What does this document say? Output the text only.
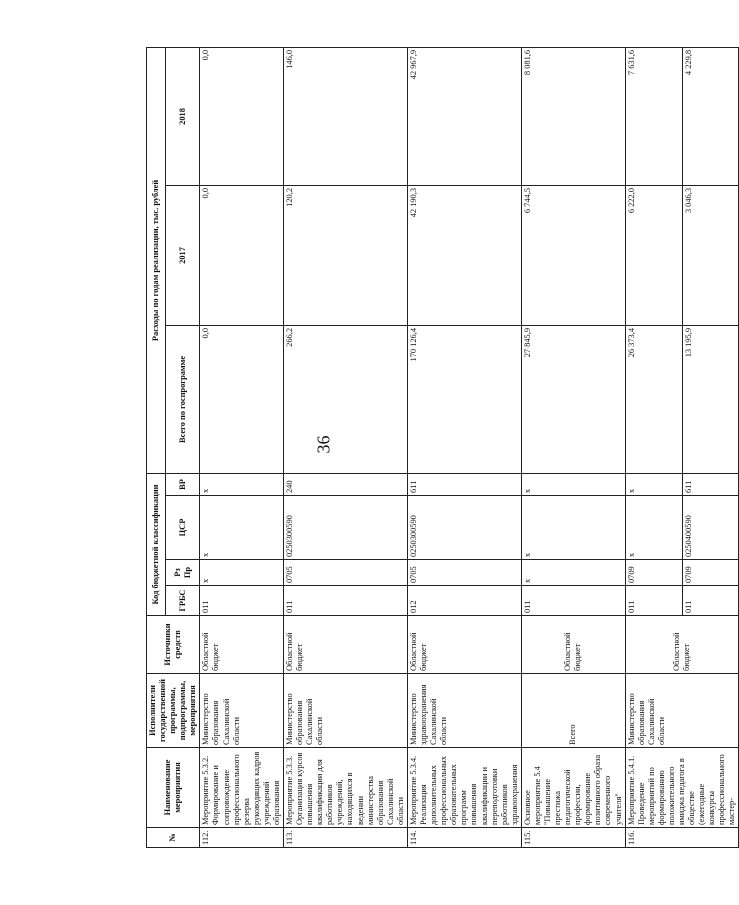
36
№	Наименование мероприятия	Исполнители государственной программы, подпрограммы, мероприятия	Источники средств	Код бюджетной классификации				Расходы по годам реализации, тыс. рублей		
				ГРБС	Рз Пр	ЦСР	ВР	Всего по госпрограмме	2017	2018
112.	Мероприятие 5.3.2. Формирование и сопровождение профессионального резерва руководящих кадров учреждений образования	Министерство образования Сахалинской области	Областной бюджет	011	x	x	x	0,0	0,0	0,0
113.	Мероприятие 5.3.3. Организация курсов повышения квалификации для работников учреждений, находящихся в ведении министерства образования Сахалинской области	Министерство образования Сахалинской области	Областной бюджет	011	0705	0250300590	240	266,2	120,2	146,0
114.	Мероприятие 5.3.4. Реализация дополнительных профессиональных образовательных программ повышения квалификации и переподготовки работников здравоохранения	Министерство здравоохранения Сахалинской области	Областной бюджет	012	0705	0250300590	611	170 126,4	42 190,3	42 967,9
115.	Основное мероприятие 5.4 "Повышение престижа педагогической профессии, формирование позитивного образа современного учителя"	Всего	Областной бюджет	011	x	x	x	27 845,9	6 744,5	8 081,6
116.	Мероприятие 5.4.1. Проведение мероприятий по формированию положительного имиджа педагога в обществе (ежегодные конкурсы профессионального мастер-	Министерство образования Сахалинской области	Областной бюджет	011	0709	x	x	26 373,4	6 222,0	7 631,6
				011	0709	0250400590	611	13 195,9	3 046,3	4 229,8
